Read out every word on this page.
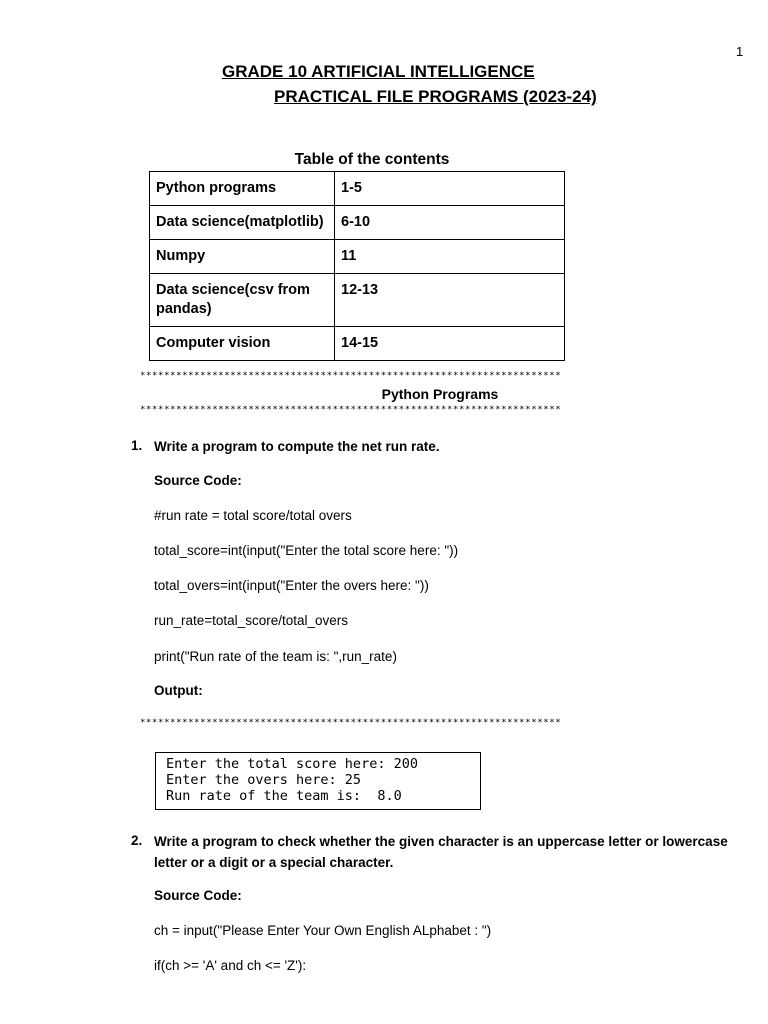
1
GRADE 10 ARTIFICIAL INTELLIGENCE
PRACTICAL FILE PROGRAMS (2023-24)
Table of the contents
Python programs	1-5
Data science(matplotlib)	6-10
Numpy	11
Data science(csv from pandas)	12-13
Computer vision	14-15
**********************************************************************
Python Programs
**********************************************************************
1. Write a program to compute the net run rate.
Source Code:
#run rate = total score/total overs
total_score=int(input("Enter the total score here: "))
total_overs=int(input("Enter the overs here: "))
run_rate=total_score/total_overs
print("Run rate of the team is: ",run_rate)
Output:
**********************************************************************
Enter the total score here: 200
Enter the overs here: 25
Run rate of the team is:  8.0
2. Write a program to check whether the given character is an uppercase letter or lowercase letter or a digit or a special character.
Source Code:
ch = input("Please Enter Your Own English ALphabet : ")
if(ch >= 'A' and ch <= 'Z'):
